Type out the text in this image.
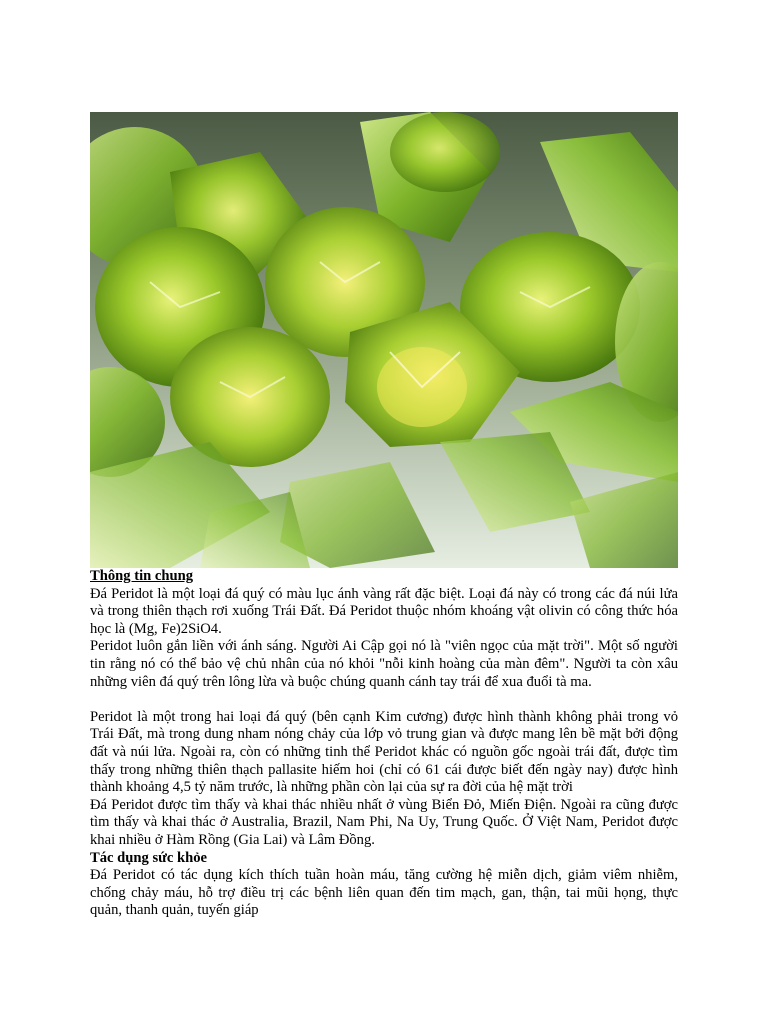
Thông tin chung

Đá Peridot là một loại đá quý có màu lục ánh vàng rất đặc biệt. Loại đá này có trong các đá núi lửa và trong thiên thạch rơi xuống Trái Đất. Đá Peridot thuộc nhóm khoáng vật olivin có công thức hóa học là (Mg, Fe)2SiO4.

Peridot luôn gắn liền với ánh sáng. Người Ai Cập gọi nó là "viên ngọc của mặt trời". Một số người tin rằng nó có thể bảo vệ chủ nhân của nó khỏi "nỗi kinh hoàng của màn đêm". Người ta còn xâu những viên đá quý trên lông lừa và buộc chúng quanh cánh tay trái để xua đuổi tà ma.

Peridot là một trong hai loại đá quý (bên cạnh Kim cương) được hình thành không phải trong vỏ Trái Đất, mà trong dung nham nóng chảy của lớp vỏ trung gian và được mang lên bề mặt bởi động đất và núi lửa. Ngoài ra, còn có những tinh thể Peridot khác có nguồn gốc ngoài trái đất, được tìm thấy trong những thiên thạch pallasite hiếm hoi (chỉ có 61 cái được biết đến ngày nay) được hình thành khoảng 4,5 tỷ năm trước, là những phần còn lại của sự ra đời của hệ mặt trời

Đá Peridot được tìm thấy và khai thác nhiều nhất ở vùng Biển Đỏ, Miến Điện. Ngoài ra cũng được tìm thấy và khai thác ở Australia, Brazil, Nam Phi, Na Uy, Trung Quốc. Ở Việt Nam, Peridot được khai nhiều ở Hàm Rồng (Gia Lai) và Lâm Đồng.

Tác dụng sức khỏe

Đá Peridot có tác dụng kích thích tuần hoàn máu, tăng cường hệ miễn dịch, giảm viêm nhiễm, chống chảy máu, hỗ trợ điều trị các bệnh liên quan đến tim mạch, gan, thận, tai mũi họng, thực quản, thanh quản, tuyến giáp
